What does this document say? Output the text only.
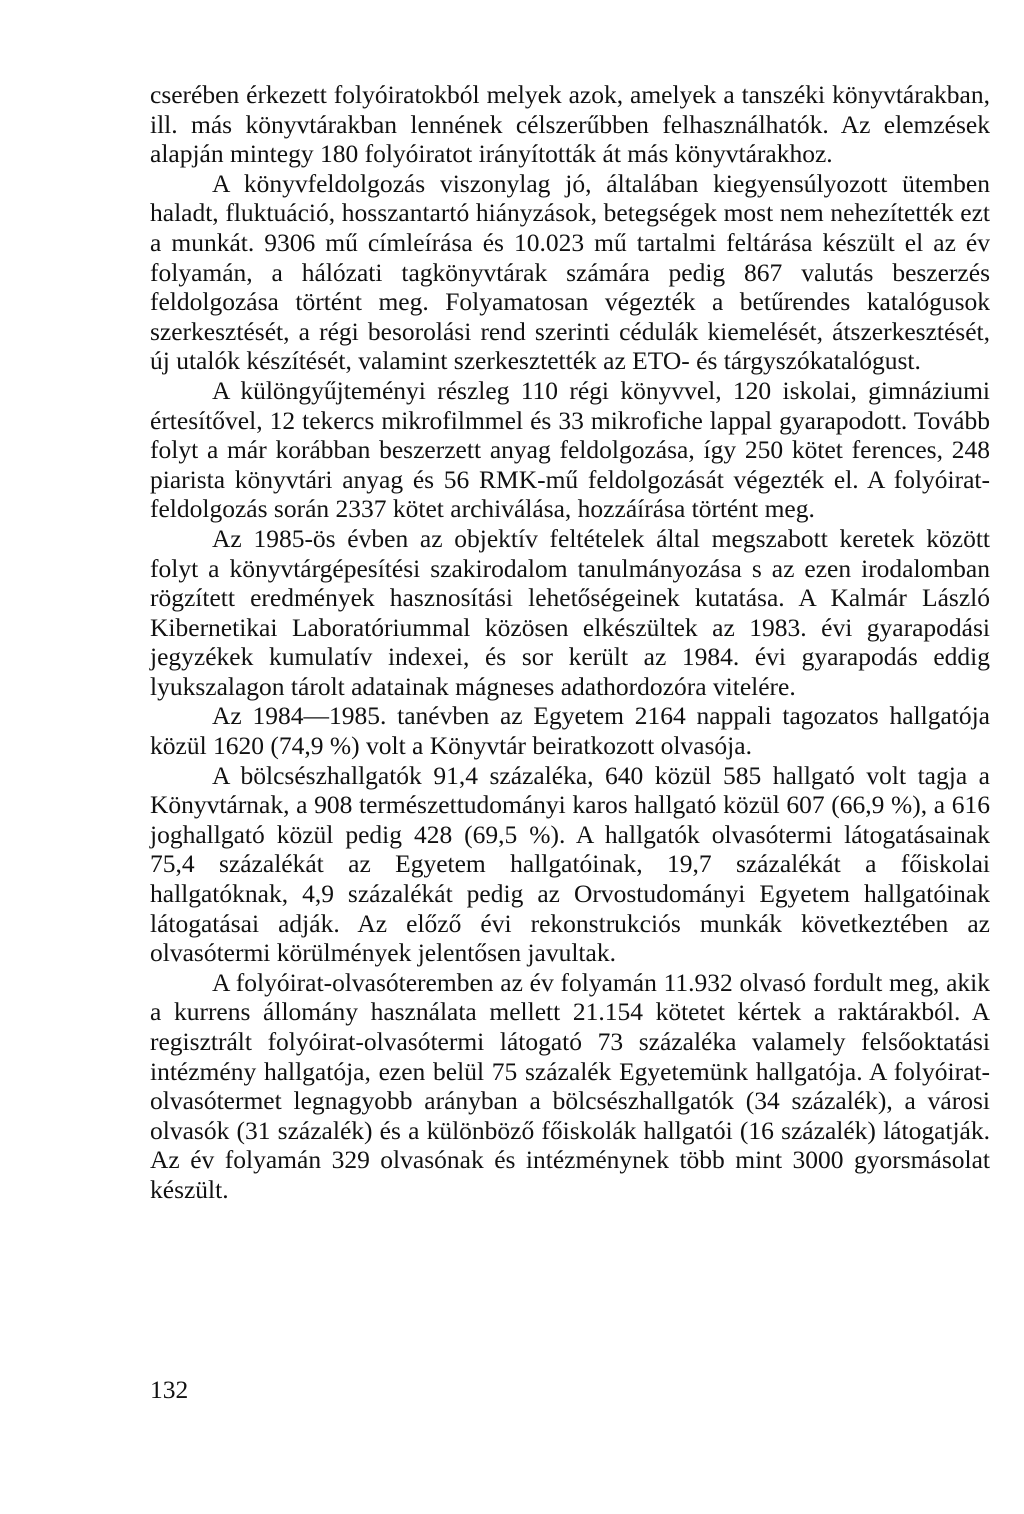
cserében érkezett folyóiratokból melyek azok, amelyek a tanszéki könyvtárakban, ill. más könyvtárakban lennének célszerűbben felhasználhatók. Az elemzések alapján mintegy 180 folyóiratot irányították át más könyvtárakhoz.

A könyvfeldolgozás viszonylag jó, általában kiegyensúlyozott ütemben haladt, fluktuáció, hosszantartó hiányzások, betegségek most nem nehezítették ezt a munkát. 9306 mű címleírása és 10.023 mű tartalmi feltárása készült el az év folyamán, a hálózati tagkönyvtárak számára pedig 867 valutás beszerzés feldolgozása történt meg. Folyamatosan végezték a betűrendes katalógusok szerkesztését, a régi besorolási rend szerinti cédulák kiemelését, átszerkesztését, új utalók készítését, valamint szerkesztették az ETO- és tárgyszókatalógust.

A különgyűjteményi részleg 110 régi könyvvel, 120 iskolai, gimnáziumi értesítővel, 12 tekercs mikrofilmmel és 33 mikrofiche lappal gyarapodott. Tovább folyt a már korábban beszerzett anyag feldolgozása, így 250 kötet ferences, 248 piarista könyvtári anyag és 56 RMK-mű feldolgozását végezték el. A folyóirat-feldolgozás során 2337 kötet archiválása, hozzáírása történt meg.

Az 1985-ös évben az objektív feltételek által megszabott keretek között folyt a könyvtárgépesítési szakirodalom tanulmányozása s az ezen irodalomban rögzített eredmények hasznosítási lehetőségeinek kutatása. A Kalmár László Kibernetikai Laboratóriummal közösen elkészültek az 1983. évi gyarapodási jegyzékek kumulatív indexei, és sor került az 1984. évi gyarapodás eddig lyukszalagon tárolt adatainak mágneses adathordozóra vitelére.

Az 1984—1985. tanévben az Egyetem 2164 nappali tagozatos hallgatója közül 1620 (74,9 %) volt a Könyvtár beiratkozott olvasója.

A bölcsészhallgatók 91,4 százaléka, 640 közül 585 hallgató volt tagja a Könyvtárnak, a 908 természettudományi karos hallgató közül 607 (66,9 %), a 616 joghallgató közül pedig 428 (69,5 %). A hallgatók olvasótermi látogatásainak 75,4 százalékát az Egyetem hallgatóinak, 19,7 százalékát a főiskolai hallgatóknak, 4,9 százalékát pedig az Orvostudományi Egyetem hallgatóinak látogatásai adják. Az előző évi rekonstrukciós munkák következtében az olvasótermi körülmények jelentősen javultak.

A folyóirat-olvasóteremben az év folyamán 11.932 olvasó fordult meg, akik a kurrens állomány használata mellett 21.154 kötetet kértek a raktárakból. A regisztrált folyóirat-olvasótermi látogató 73 százaléka valamely felsőoktatási intézmény hallgatója, ezen belül 75 százalék Egyetemünk hallgatója. A folyóirat-olvasótermet legnagyobb arányban a bölcsészhallgatók (34 százalék), a városi olvasók (31 százalék) és a különböző főiskolák hallgatói (16 százalék) látogatják. Az év folyamán 329 olvasónak és intézménynek több mint 3000 gyorsmásolat készült.

132
